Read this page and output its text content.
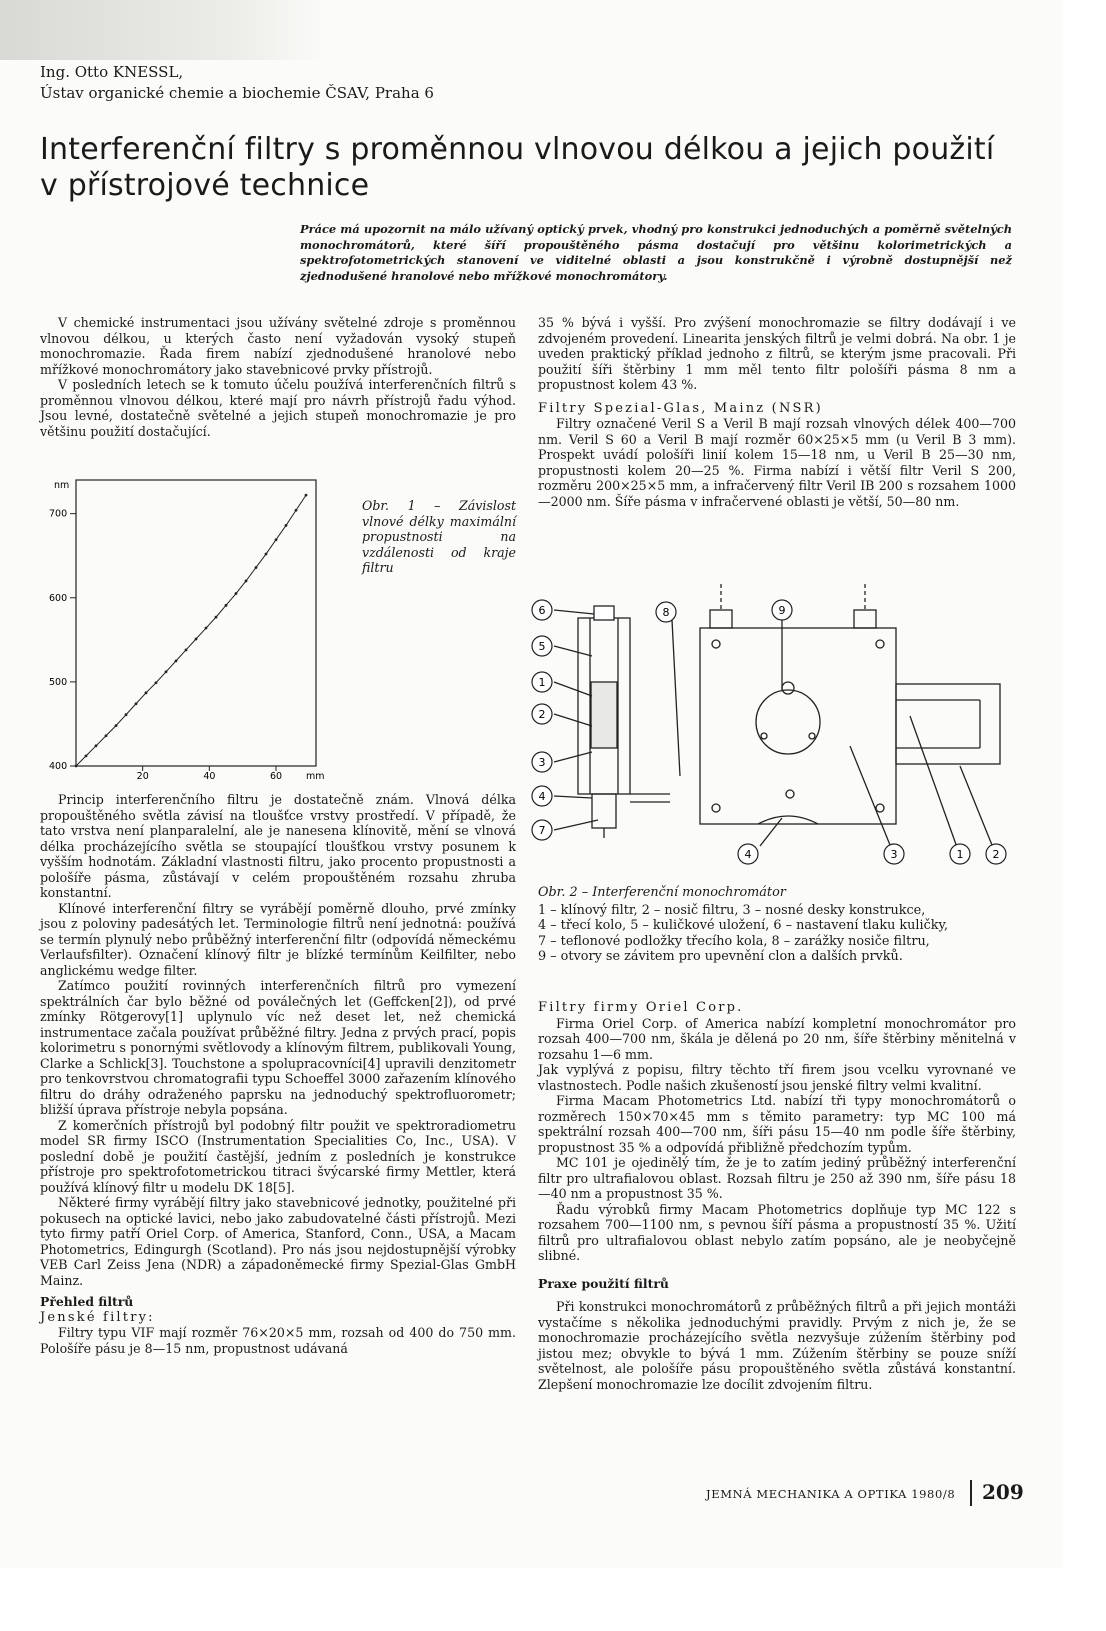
Ing. Otto KNESSL,
Ústav organické chemie a biochemie ČSAV, Praha 6
Interferenční filtry s proměnnou vlnovou délkou a jejich použití
v přístrojové technice
Práce má upozornit na málo užívaný optický prvek, vhodný pro konstrukci jednoduchých a poměrně světelných monochromátorů, které šíří propouštěného pásma dostačují pro většinu kolorimetrických a spektrofotometrických stanovení ve viditelné oblasti a jsou konstrukčně i výrobně dostupnější než zjednodušené hranolové nebo mřížkové monochromátory.

V chemické instrumentaci jsou užívány světelné zdroje s proměnnou vlnovou délkou, u kterých často není vyžadován vysoký stupeň monochromazie. Řada firem nabízí zjednodušené hranolové nebo mřížkové monochromátory jako stavebnicové prvky přístrojů.

V posledních letech se k tomuto účelu používá interferenčních filtrů s proměnnou vlnovou délkou, které mají pro návrh přístrojů řadu výhod. Jsou levné, dostatečně světelné a jejich stupeň monochromazie je pro většinu použití dostačující.

400
500
600
700
20	40	60
nm
mm
Obr. 1 – Závislost vlnové délky maximální propustnosti na vzdálenosti od kraje filtru

Princip interferenčního filtru je dostatečně znám. Vlnová délka propouštěného světla závisí na tloušťce vrstvy prostředí. V případě, že tato vrstva není planparalelní, ale je nanesena klínovitě, mění se vlnová délka procházejícího světla se stoupající tloušťkou vrstvy posunem k vyšším hodnotám. Základní vlastnosti filtru, jako procento propustnosti a pološíře pásma, zůstávají v celém propouštěném rozsahu zhruba konstantní.

Klínové interferenční filtry se vyrábějí poměrně dlouho, prvé zmínky jsou z poloviny padesátých let. Terminologie filtrů není jednotná: používá se termín plynulý nebo průběžný interferenční filtr (odpovídá německému Verlaufsfilter). Označení klínový filtr je blízké termínům Keilfilter, nebo anglickému wedge filter.

Zatímco použití rovinných interferenčních filtrů pro vymezení spektrálních čar bylo běžné od poválečných let (Geffcken[2]), od prvé zmínky Rötgerovy[1] uplynulo víc než deset let, než chemická instrumentace začala používat průběžné filtry. Jedna z prvých prací, popis kolorimetru s ponornými světlovody a klínovým filtrem, publikovali Young, Clarke a Schlick[3]. Touchstone a spolupracovníci[4] upravili denzitometr pro tenkovrstvou chromatografii typu Schoeffel 3000 zařazením klínového filtru do dráhy odraženého paprsku na jednoduchý spektrofluorometr; bližší úprava přístroje nebyla popsána.

Z komerčních přístrojů byl podobný filtr použit ve spektroradiometru model SR firmy ISCO (Instrumentation Specialities Co, Inc., USA). V poslední době je použití častější, jedním z posledních je konstrukce přístroje pro spektrofotometrickou titraci švýcarské firmy Mettler, která používá klínový filtr u modelu DK 18[5].

Některé firmy vyrábějí filtry jako stavebnicové jednotky, použitelné při pokusech na optické lavici, nebo jako zabudovatelné části přístrojů. Mezi tyto firmy patří Oriel Corp. of America, Stanford, Conn., USA, a Macam Photometrics, Edingurgh (Scotland). Pro nás jsou nejdostupnější výrobky VEB Carl Zeiss Jena (NDR) a západoněmecké firmy Spezial-Glas GmbH Mainz.

Přehled filtrů

Jenské filtry:

Filtry typu VIF mají rozměr 76×20×5 mm, rozsah od 400 do 750 mm. Pološíře pásu je 8—15 nm, propustnost udávaná

35 % bývá i vyšší. Pro zvýšení monochromazie se filtry dodávají i ve zdvojeném provedení. Linearita jenských filtrů je velmi dobrá. Na obr. 1 je uveden praktický příklad jednoho z filtrů, se kterým jsme pracovali. Při použití šíři štěrbiny 1 mm měl tento filtr pološíři pásma 8 nm a propustnost kolem 43 %.

Filtry Spezial-Glas, Mainz (NSR)

Filtry označené Veril S a Veril B mají rozsah vlnových délek 400—700 nm. Veril S 60 a Veril B mají rozměr 60×25×5 mm (u Veril B 3 mm). Prospekt uvádí pološíři linií kolem 15—18 nm, u Veril B 25—30 nm, propustnosti kolem 20—25 %. Firma nabízí i větší filtr Veril S 200, rozměru 200×25×5 mm, a infračervený filtr Veril IB 200 s rozsahem 1000—2000 nm. Šíře pásma v infračervené oblasti je větší, 50—80 nm.

6
5
1
2
3
4
7
8	9
4	3	1	2

Obr. 2 – Interferenční monochromátor

1 – klínový filtr, 2 – nosič filtru, 3 – nosné desky konstrukce,

4 – třecí kolo, 5 – kuličkové uložení, 6 – nastavení tlaku kuličky,

7 – teflonové podložky třecího kola, 8 – zarážky nosiče filtru,

9 – otvory se závitem pro upevnění clon a dalších prvků.

Filtry firmy Oriel Corp.

Firma Oriel Corp. of America nabízí kompletní monochromátor pro rozsah 400—700 nm, škála je dělená po 20 nm, šíře štěrbiny měnitelná v rozsahu 1—6 mm.

Jak vyplývá z popisu, filtry těchto tří firem jsou vcelku vyrovnané ve vlastnostech. Podle našich zkušeností jsou jenské filtry velmi kvalitní.

Firma Macam Photometrics Ltd. nabízí tři typy monochromátorů o rozměrech 150×70×45 mm s těmito parametry: typ MC 100 má spektrální rozsah 400—700 nm, šíři pásu 15—40 nm podle šíře štěrbiny, propustnost 35 % a odpovídá přibližně předchozím typům.

MC 101 je ojedinělý tím, že je to zatím jediný průběžný interferenční filtr pro ultrafialovou oblast. Rozsah filtru je 250 až 390 nm, šíře pásu 18—40 nm a propustnost 35 %.

Řadu výrobků firmy Macam Photometrics doplňuje typ MC 122 s rozsahem 700—1100 nm, s pevnou šíří pásma a propustností 35 %. Užití filtrů pro ultrafialovou oblast nebylo zatím popsáno, ale je neobyčejně slibné.

Praxe použití filtrů

Při konstrukci monochromátorů z průběžných filtrů a při jejich montáži vystačíme s několika jednoduchými pravidly. Prvým z nich je, že se monochromazie procházejícího světla nezvyšuje zúžením štěrbiny pod jistou mez; obvykle to bývá 1 mm. Zúžením štěrbiny se pouze sníží světelnost, ale pološíře pásu propouštěného světla zůstává konstantní. Zlepšení monochromazie lze docílit zdvojením filtru.

JEMNÁ MECHANIKA A OPTIKA 1980/8 209
